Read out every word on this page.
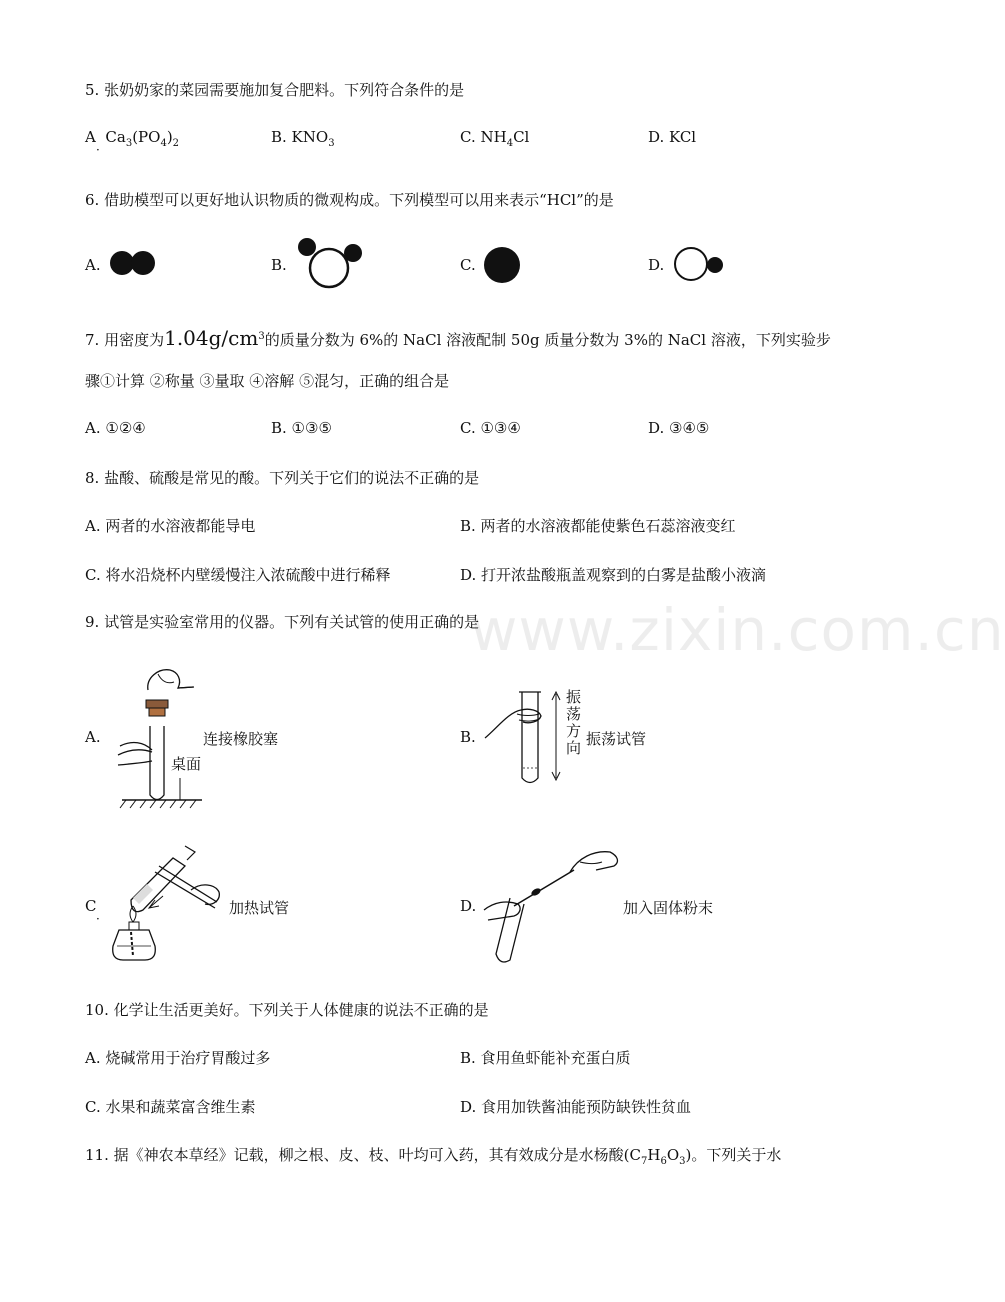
www.zixin.com.cn
5. 张奶奶家的菜园需要施加复合肥料。下列符合条件的是
A $Ca_3(PO_4)_2$
·
B. $KNO_3$	C. $NH_4Cl$	D. KCl
6. 借助模型可以更好地认识物质的微观构成。下列模型可以用来表示“HCl”的是
A.	B.	C.	D.
7. 用密度为$1.04g/cm^3$的质量分数为 6%的 NaCl 溶液配制 50g 质量分数为 3%的 NaCl 溶液，下列实验步
骤①计算 ②称量 ③量取 ④溶解 ⑤混匀，正确的组合是
A. ①②④	B. ①③⑤	C. ①③④	D. ③④⑤
8. 盐酸、硫酸是常见的酸。下列关于它们的说法不正确的是
A. 两者的水溶液都能导电	B. 两者的水溶液都能使紫色石蕊溶液变红
C. 将水沿烧杯内壁缓慢注入浓硫酸中进行稀释	D. 打开浓盐酸瓶盖观察到的白雾是盐酸小液滴
9. 试管是实验室常用的仪器。下列有关试管的使用正确的是
A.
桌面
连接橡胶塞	B.
振
荡
方
向 振荡试管
C
·
加热试管	D.	加入固体粉末
10. 化学让生活更美好。下列关于人体健康的说法不正确的是
A. 烧碱常用于治疗胃酸过多	B. 食用鱼虾能补充蛋白质
C. 水果和蔬菜富含维生素	D. 食用加铁酱油能预防缺铁性贫血
11. 据《神农本草经》记载，柳之根、皮、枝、叶均可入药，其有效成分是水杨酸$(C_7H_6O_3)$。下列关于水
